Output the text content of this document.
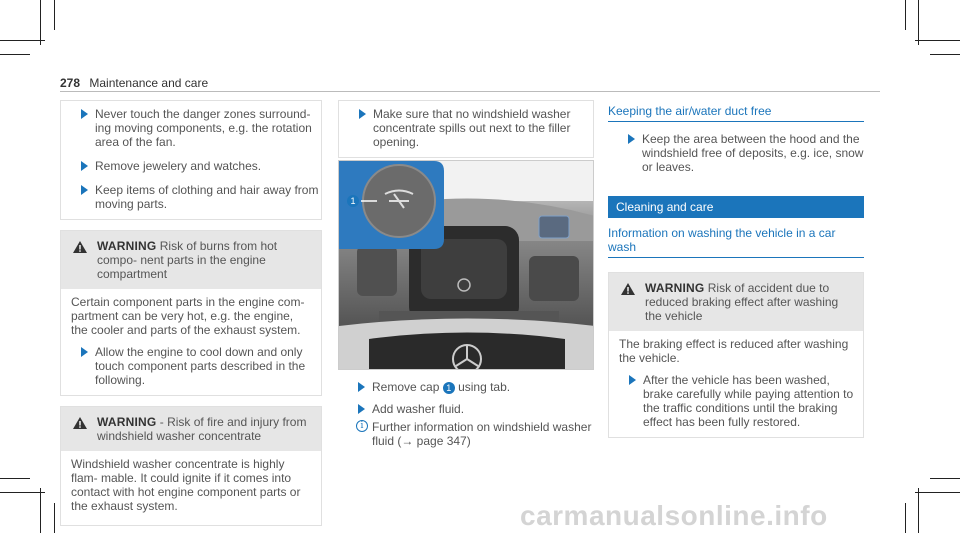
278 Maintenance and care
Never touch the danger zones surround- ing moving components, e.g. the rotation area of the fan.
Remove jewelery and watches.
Keep items of clothing and hair away from moving parts.
WARNING Risk of burns from hot compo- nent parts in the engine compartment
Certain component parts in the engine com- partment can be very hot, e.g. the engine, the cooler and parts of the exhaust system.
Allow the engine to cool down and only touch component parts described in the following.
WARNING - Risk of fire and injury from windshield washer concentrate
Windshield washer concentrate is highly flam- mable. It could ignite if it comes into contact with hot engine component parts or the exhaust system.
Make sure that no windshield washer concentrate spills out next to the filler opening.
1
Remove cap 1 using tab.
Add washer fluid.
i Further information on windshield washer fluid (→ page 347)
Keeping the air/water duct free
Keep the area between the hood and the windshield free of deposits, e.g. ice, snow or leaves.
Cleaning and care
Information on washing the vehicle in a car wash
WARNING Risk of accident due to reduced braking effect after washing the vehicle
The braking effect is reduced after washing the vehicle.
After the vehicle has been washed, brake carefully while paying attention to the traffic conditions until the braking effect has been fully restored.
carmanualsonline.info
